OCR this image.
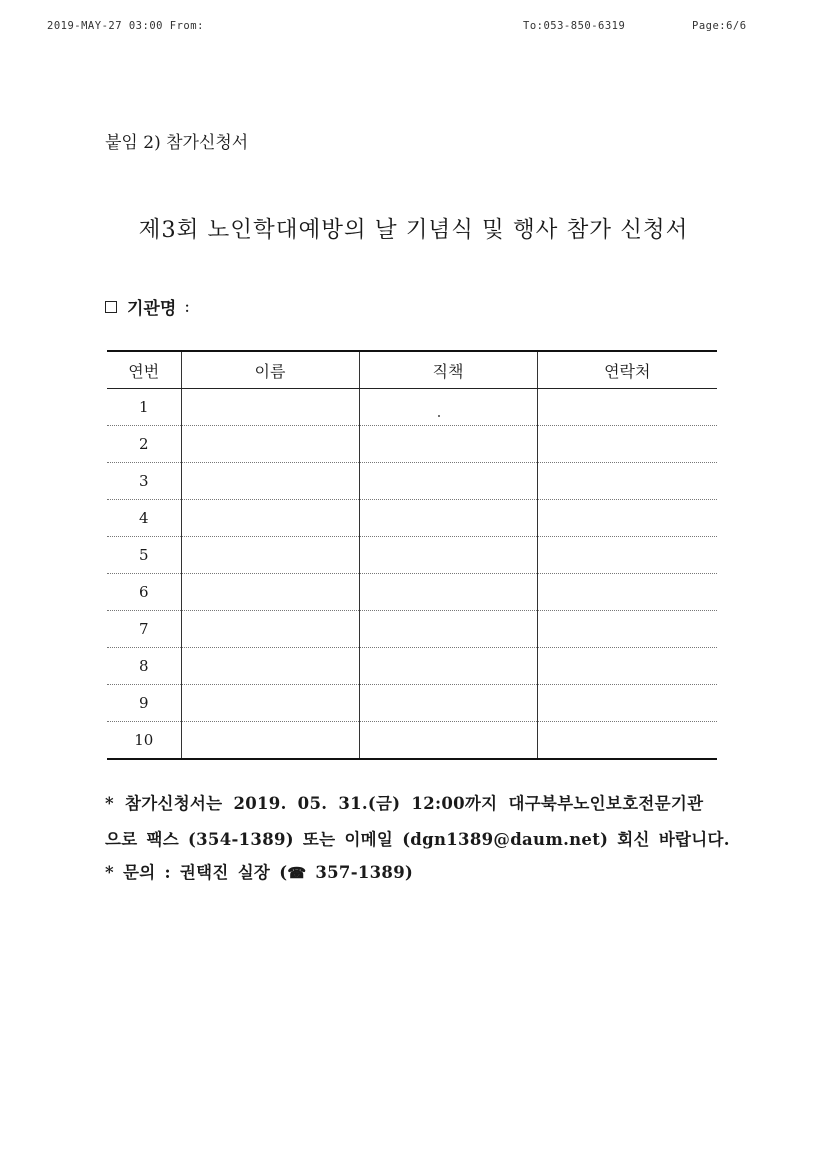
2019-MAY-27 03:00 From:	To:053-850-6319	Page:6/6
붙임 2) 참가신청서
제3회 노인학대예방의 날 기념식 및 행사 참가 신청서
기관명 :
연번	이름	직책	연락처
1			
2			
3			
4			
5			
6			
7			
8			
9			
10			
* 참가신청서는 2019. 05. 31.(금) 12:00까지 대구북부노인보호전문기관
으로 팩스 (354-1389) 또는 이메일 (dgn1389@daum.net) 회신 바랍니다.
* 문의 : 권택진 실장 (☎ 357-1389)
